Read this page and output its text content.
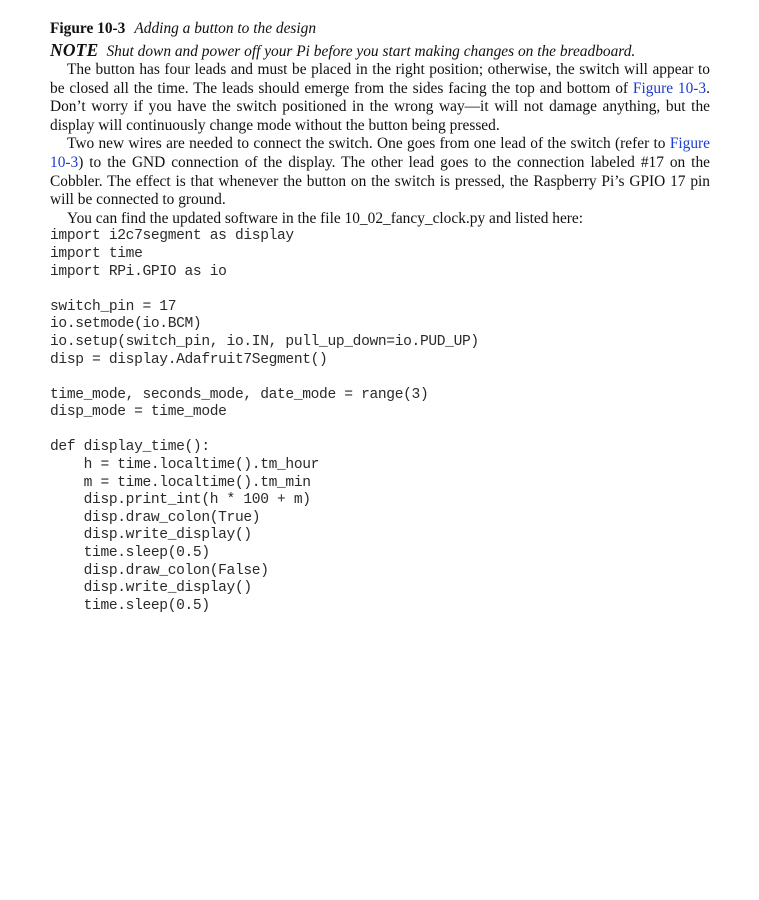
Figure 10-3 Adding a button to the design
NOTE Shut down and power off your Pi before you start making changes on the breadboard.

The button has four leads and must be placed in the right position; otherwise, the switch will appear to be closed all the time. The leads should emerge from the sides facing the top and bottom of Figure 10-3. Don’t worry if you have the switch positioned in the wrong way—it will not damage anything, but the display will continuously change mode without the button being pressed.

Two new wires are needed to connect the switch. One goes from one lead of the switch (refer to Figure 10-3) to the GND connection of the display. The other lead goes to the connection labeled #17 on the Cobbler. The effect is that whenever the button on the switch is pressed, the Raspberry Pi’s GPIO 17 pin will be connected to ground.

You can find the updated software in the file 10_02_fancy_clock.py and listed here:

import i2c7segment as display
import time
import RPi.GPIO as io
switch_pin = 17
io.setmode(io.BCM)
io.setup(switch_pin, io.IN, pull_up_down=io.PUD_UP)
disp = display.Adafruit7Segment()
time_mode, seconds_mode, date_mode = range(3)
disp_mode = time_mode
def display_time():
h = time.localtime().tm_hour
m = time.localtime().tm_min
disp.print_int(h * 100 + m)
disp.draw_colon(True)
disp.write_display()
time.sleep(0.5)
disp.draw_colon(False)
disp.write_display()
time.sleep(0.5)
